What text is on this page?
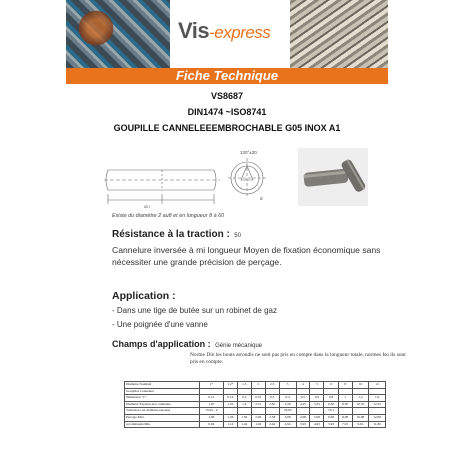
Vis-express
Fiche Technique
VS8687
DIN1474 ~ISO8741
GOUPILLE CANNELEEEMBROCHABLE G05 INOX A1
120°±20
l/2 l
d
Existe du diamètre 2 au8 et en longueur 8 à 60
Résistance à la traction : 50
Cannelure inversée à mi longueur Moyen de fixation économique sans nécessiter une grande précision de perçage.
Application :
- Dans une tige de butée sur un robinet de gaz
- Une poignée d'une vanne
Champs d'application : Génie mécanique
Norme Din les bouts arrondis ne sont pas pris en compte dans la longueur totale, normes Iso ils sont pris en compte.
Diamètre Nominal	1*	1,2*	1,5	2	2,5	3	4	5	6	8	10	12
Goupilles Cannelées												
Dimension "C"	0,14	0,16	0,2	0,25	0,3	0,4	0,5	0,6	0,8	1	1,2	1,6
Diamètre Expansé non cannelure	1,05	1,25	1,6	2,15	2,65	3,20	4,25	5,25	6,30	8,30	10,35	12,35
Tolérances sur diamètre expansé	+0,05 - 0					±0,05			±0,1			
Perçage Max.	1,06	1,26	1,56	2,06	2,58	3,08	4,08	5,08	6,08	8,08	10,08	12,08
recommandé Min.	0,94	1,14	1,44	1,94	2,44	2,94	3,93	4,93	5,93	7,91	9,91	11,89
